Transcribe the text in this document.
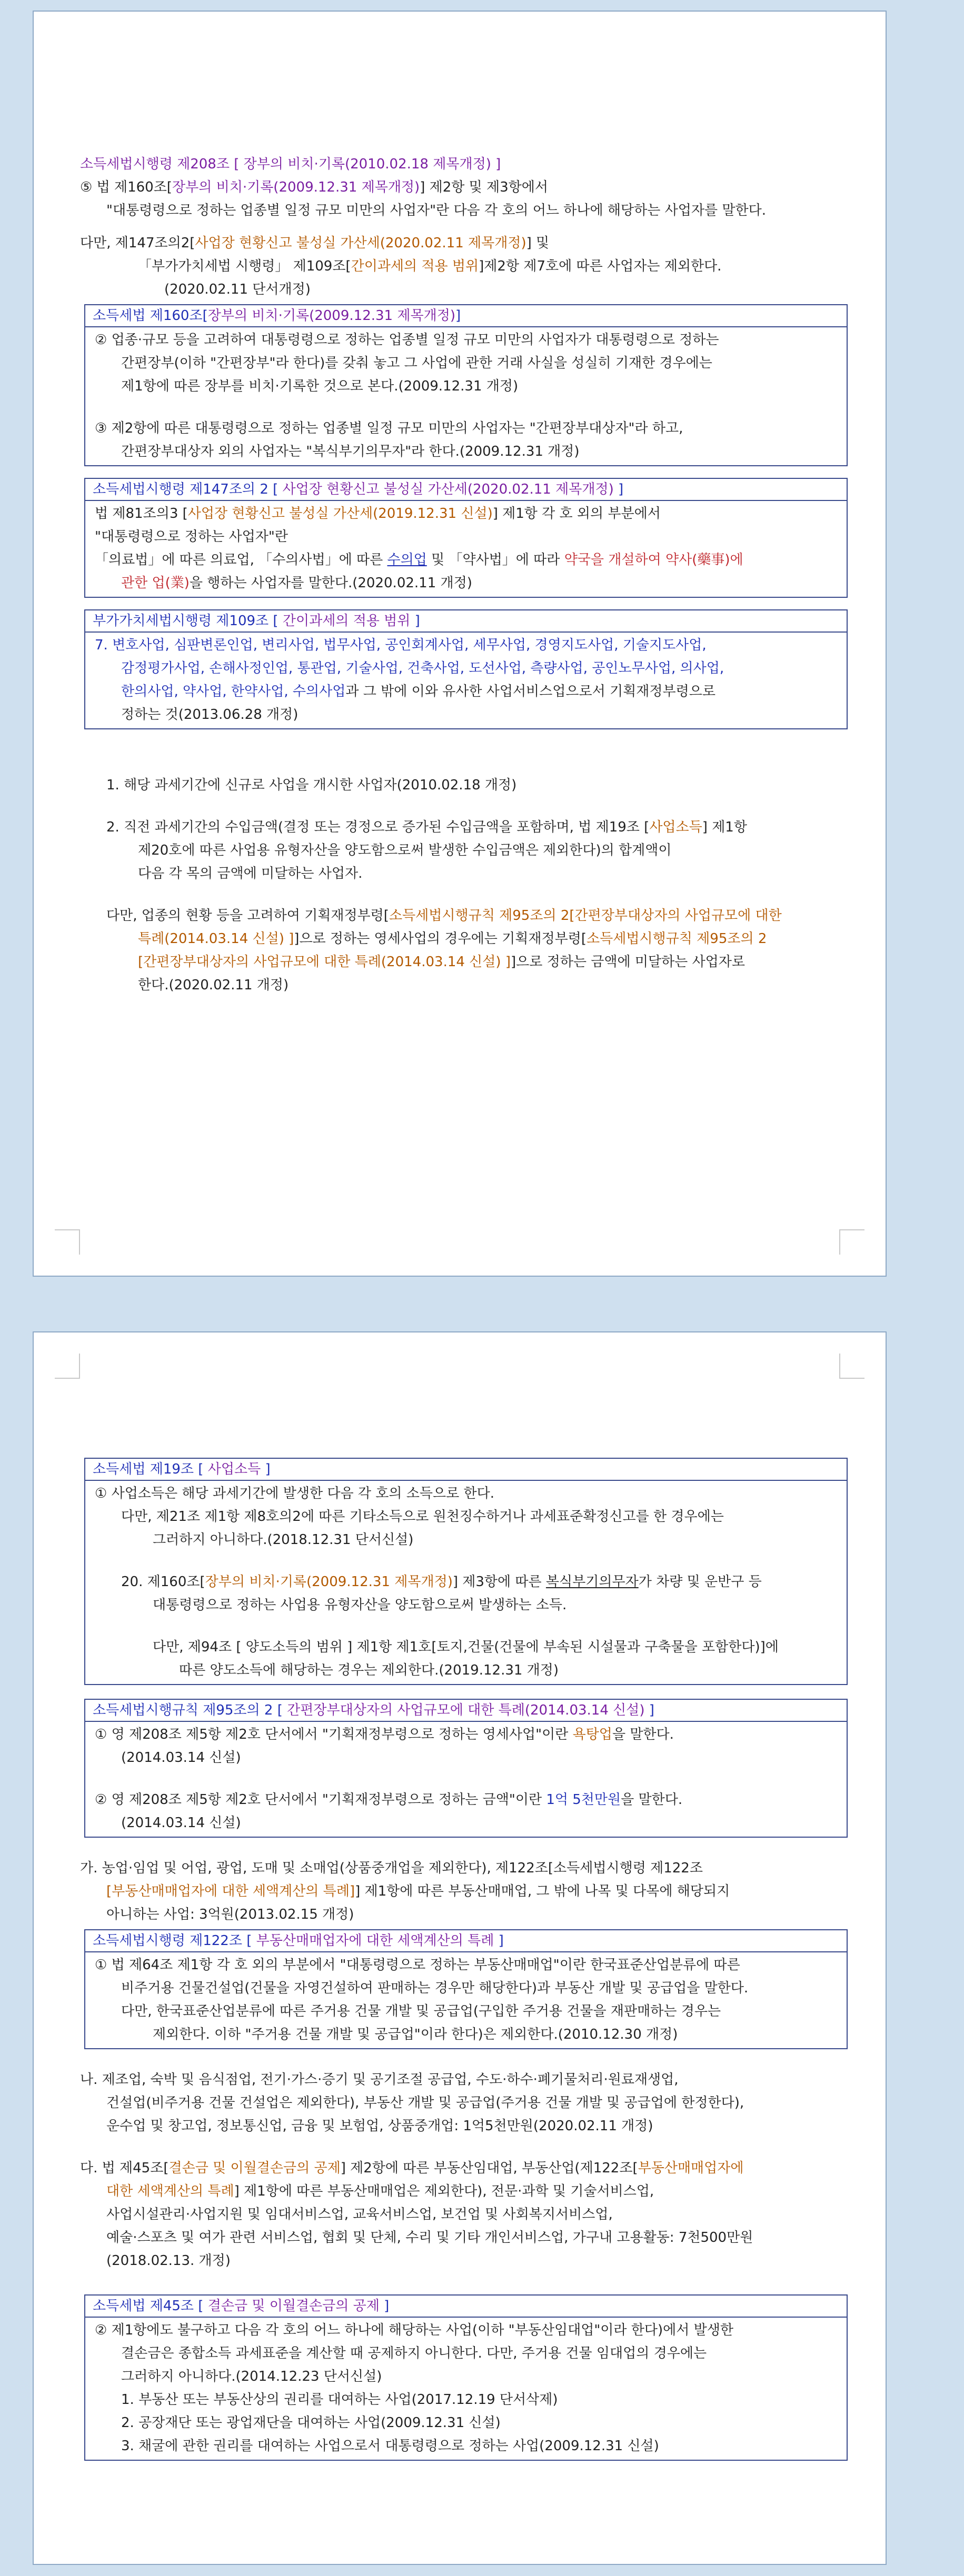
소득세법시행령 제208조 [ 장부의 비치·기록(2010.02.18 제목개정) ]

⑤ 법 제160조[장부의 비치·기록(2009.12.31 제목개정)] 제2항 및 제3항에서

"대통령령으로 정하는 업종별 일정 규모 미만의 사업자"란 다음 각 호의 어느 하나에 해당하는 사업자를 말한다.

다만, 제147조의2[사업장 현황신고 불성실 가산세(2020.02.11 제목개정)] 및

「부가가치세법 시행령」 제109조[간이과세의 적용 범위]제2항 제7호에 따른 사업자는 제외한다.

(2020.02.11 단서개정)

소득세법 제160조[장부의 비치·기록(2009.12.31 제목개정)]

② 업종·규모 등을 고려하여 대통령령으로 정하는 업종별 일정 규모 미만의 사업자가 대통령령으로 정하는

간편장부(이하 "간편장부"라 한다)를 갖춰 놓고 그 사업에 관한 거래 사실을 성실히 기재한 경우에는

제1항에 따른 장부를 비치·기록한 것으로 본다.(2009.12.31 개정)

③ 제2항에 따른 대통령령으로 정하는 업종별 일정 규모 미만의 사업자는 "간편장부대상자"라 하고,

간편장부대상자 외의 사업자는 "복식부기의무자"라 한다.(2009.12.31 개정)

소득세법시행령 제147조의 2 [ 사업장 현황신고 불성실 가산세(2020.02.11 제목개정) ]

법 제81조의3 [사업장 현황신고 불성실 가산세(2019.12.31 신설)] 제1항 각 호 외의 부분에서

"대통령령으로 정하는 사업자"란

「의료법」에 따른 의료업, 「수의사법」에 따른 수의업 및 「약사법」에 따라 약국을 개설하여 약사(藥事)에

관한 업(業)을 행하는 사업자를 말한다.(2020.02.11 개정)

부가가치세법시행령 제109조 [ 간이과세의 적용 범위 ]

7. 변호사업, 심판변론인업, 변리사업, 법무사업, 공인회계사업, 세무사업, 경영지도사업, 기술지도사업,

감정평가사업, 손해사정인업, 통관업, 기술사업, 건축사업, 도선사업, 측량사업, 공인노무사업, 의사업,

한의사업, 약사업, 한약사업, 수의사업과 그 밖에 이와 유사한 사업서비스업으로서 기획재정부령으로

정하는 것(2013.06.28 개정)

1. 해당 과세기간에 신규로 사업을 개시한 사업자(2010.02.18 개정)

2. 직전 과세기간의 수입금액(결정 또는 경정으로 증가된 수입금액을 포함하며, 법 제19조 [사업소득] 제1항

제20호에 따른 사업용 유형자산을 양도함으로써 발생한 수입금액은 제외한다)의 합계액이

다음 각 목의 금액에 미달하는 사업자.

다만, 업종의 현황 등을 고려하여 기획재정부령[소득세법시행규칙 제95조의 2[간편장부대상자의 사업규모에 대한

특례(2014.03.14 신설) ]]으로 정하는 영세사업의 경우에는 기획재정부령[소득세법시행규칙 제95조의 2

[간편장부대상자의 사업규모에 대한 특례(2014.03.14 신설) ]]으로 정하는 금액에 미달하는 사업자로

한다.(2020.02.11 개정)

소득세법 제19조 [ 사업소득 ]

① 사업소득은 해당 과세기간에 발생한 다음 각 호의 소득으로 한다.

다만, 제21조 제1항 제8호의2에 따른 기타소득으로 원천징수하거나 과세표준확정신고를 한 경우에는

그러하지 아니하다.(2018.12.31 단서신설)

20. 제160조[장부의 비치·기록(2009.12.31 제목개정)] 제3항에 따른 복식부기의무자가 차량 및 운반구 등

대통령령으로 정하는 사업용 유형자산을 양도함으로써 발생하는 소득.

다만, 제94조 [ 양도소득의 범위 ] 제1항 제1호[토지,건물(건물에 부속된 시설물과 구축물을 포함한다)]에

따른 양도소득에 해당하는 경우는 제외한다.(2019.12.31 개정)

소득세법시행규칙 제95조의 2 [ 간편장부대상자의 사업규모에 대한 특례(2014.03.14 신설) ]

① 영 제208조 제5항 제2호 단서에서 "기획재정부령으로 정하는 영세사업"이란 욕탕업을 말한다.

(2014.03.14 신설)

② 영 제208조 제5항 제2호 단서에서 "기획재정부령으로 정하는 금액"이란 1억 5천만원을 말한다.

(2014.03.14 신설)

가. 농업·임업 및 어업, 광업, 도매 및 소매업(상품중개업을 제외한다), 제122조[소득세법시행령 제122조

[부동산매매업자에 대한 세액계산의 특례]] 제1항에 따른 부동산매매업, 그 밖에 나목 및 다목에 해당되지

아니하는 사업: 3억원(2013.02.15 개정)

소득세법시행령 제122조 [ 부동산매매업자에 대한 세액계산의 특례 ]

① 법 제64조 제1항 각 호 외의 부분에서 "대통령령으로 정하는 부동산매매업"이란 한국표준산업분류에 따른

비주거용 건물건설업(건물을 자영건설하여 판매하는 경우만 해당한다)과 부동산 개발 및 공급업을 말한다.

다만, 한국표준산업분류에 따른 주거용 건물 개발 및 공급업(구입한 주거용 건물을 재판매하는 경우는

제외한다. 이하 "주거용 건물 개발 및 공급업"이라 한다)은 제외한다.(2010.12.30 개정)

나. 제조업, 숙박 및 음식점업, 전기·가스·증기 및 공기조절 공급업, 수도·하수·폐기물처리·원료재생업,

건설업(비주거용 건물 건설업은 제외한다), 부동산 개발 및 공급업(주거용 건물 개발 및 공급업에 한정한다),

운수업 및 창고업, 정보통신업, 금융 및 보험업, 상품중개업: 1억5천만원(2020.02.11 개정)

다. 법 제45조[결손금 및 이월결손금의 공제] 제2항에 따른 부동산임대업, 부동산업(제122조[부동산매매업자에

대한 세액계산의 특례] 제1항에 따른 부동산매매업은 제외한다), 전문·과학 및 기술서비스업,

사업시설관리·사업지원 및 임대서비스업, 교육서비스업, 보건업 및 사회복지서비스업,

예술·스포츠 및 여가 관련 서비스업, 협회 및 단체, 수리 및 기타 개인서비스업, 가구내 고용활동: 7천500만원

(2018.02.13. 개정)

소득세법 제45조 [ 결손금 및 이월결손금의 공제 ]

② 제1항에도 불구하고 다음 각 호의 어느 하나에 해당하는 사업(이하 "부동산임대업"이라 한다)에서 발생한

결손금은 종합소득 과세표준을 계산할 때 공제하지 아니한다. 다만, 주거용 건물 임대업의 경우에는

그러하지 아니하다.(2014.12.23 단서신설)

1. 부동산 또는 부동산상의 권리를 대여하는 사업(2017.12.19 단서삭제)

2. 공장재단 또는 광업재단을 대여하는 사업(2009.12.31 신설)

3. 채굴에 관한 권리를 대여하는 사업으로서 대통령령으로 정하는 사업(2009.12.31 신설)
